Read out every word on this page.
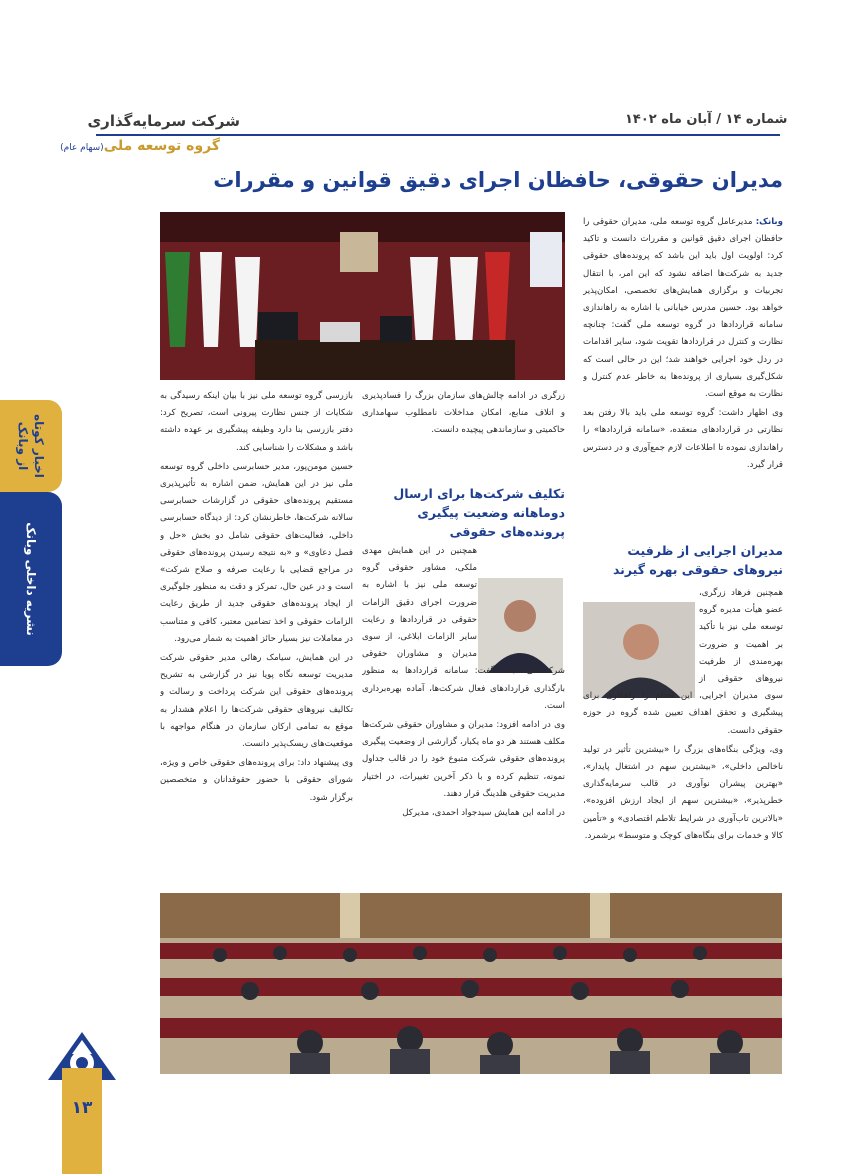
شرکت سرمایه‌گذاری	شماره ۱۴ / آبان ماه ۱۴۰۲
گروه توسعه ملی(سهام عام)
مدیران حقوقی، حافظان اجرای دقیق قوانین و مقررات
اخبار کوتاه
از وبانک
نشریه داخلی وبانک
۱۳

وبانک: مدیرعامل گروه توسعه ملی، مدیران حقوقی را حافظان اجرای دقیق قوانین و مقررات دانست و تاکید کرد: اولویت اول باید این باشد که پرونده‌های حقوقی جدید به شرکت‌ها اضافه نشود که این امر، با انتقال تجربیات و برگزاری همایش‌های تخصصی، امکان‌پذیر خواهد بود. حسین مدرس خیابانی با اشاره به راهاندازی سامانه قراردادها در گروه توسعه ملی گفت: چنانچه نظارت و کنترل در قراردادها تقویت شود، سایر اقدامات در ردل خود اجرایی خواهند شد؛ این در حالی است که شکل‌گیری بسیاری از پرونده‌ها به خاطر عدم کنترل و نظارت به موقع است.

وی اظهار داشت: گروه توسعه ملی باید بالا رفتن بعد نظارتی در قراردادهای منعقده، «سامانه قراردادها» را راهاندازی نموده تا اطلاعات لازم جمع‌آوری و در دسترس قرار گیرد.

مدیران اجرایی از ظرفیت نیروهای حقوقی بهره گیرند

همچنین فرهاد زرگری، عضو هیأت مدیره گروه توسعه ملی نیز با تأکید بر اهمیت و ضرورت بهره‌مندی از ظرفیت نیروهای حقوقی از سوی مدیران اجرایی، این اقدام را راهکاری برای پیشگیری و تحقق اهداف تعیین شده گروه در حوزه حقوقی دانست.

وی، ویژگی بنگاه‌های بزرگ را «بیشترین تأثیر در تولید ناخالص داخلی»، «بیشترین سهم در اشتغال پایدار»، «بهترین پیشران نوآوری در قالب سرمایه‌گذاری خطرپذیر»، «بیشترین سهم از ایجاد ارزش افزوده»، «بالاترین تاب‌آوری در شرایط تلاطم اقتصادی» و «تأمین کالا و خدمات برای بنگاه‌های کوچک و متوسط» برشمرد.

زرگری در ادامه چالش‌های سازمان بزرگ را فسادپذیری و اتلاف منابع، امکان مداخلات نامطلوب سهامداری حاکمیتی و سازماندهی پیچیده دانست.

تکلیف شرکت‌ها برای ارسال دوماهانه وضعیت پیگیری پرونده‌های حقوقی

همچنین در این همایش مهدی ملکی، مشاور حقوقی گروه توسعه ملی نیز با اشاره به ضرورت اجرای دقیق الزامات حقوقی در قراردادها و رعایت سایر الزامات ابلاغی، از سوی مدیران و مشاوران حقوقی شرکت‌های تابعه، گفت: سامانه قراردادها به منظور بارگذاری قراردادهای فعال شرکت‌ها، آماده بهره‌برداری است.

وی در ادامه افزود: مدیران و مشاوران حقوقی شرکت‌ها مکلف هستند هر دو ماه یکبار، گزارشی از وضعیت پیگیری پرونده‌های حقوقی شرکت متبوع خود را در قالب جداول نمونه، تنظیم کرده و با ذکر آخرین تغییرات، در اختیار مدیریت حقوقی هلدینگ قرار دهند.

در ادامه این همایش سیدجواد احمدی، مدیرکل

بازرسی گروه توسعه ملی نیز با بیان اینکه رسیدگی به شکایات از جنس نظارت پیرونی است، تصریح کرد: دفتر بازرسی بنا دارد وظیفه پیشگیری بر عهده داشته باشد و مشکلات را شناسایی کند.

حسین مومن‌پور، مدیر حسابرسی داخلی گروه توسعه ملی نیز در این همایش، ضمن اشاره به تأثیرپذیری مستقیم پرونده‌های حقوقی در گزارشات حسابرسی سالانه شرکت‌ها، خاطرنشان کرد: از دیدگاه حسابرسی داخلی، فعالیت‌های حقوقی شامل دو بخش «حل و فصل دعاوی» و «به نتیجه رسیدن پرونده‌های حقوقی در مراجع قضایی با رعایت صرفه و صلاح شرکت» است و در عین حال، تمرکز و دقت به منظور جلوگیری از ایجاد پرونده‌های حقوقی جدید از طریق رعایت الزامات حقوقی و اخذ تضامین معتبر، کافی و متناسب در معاملات نیز بسیار حائز اهمیت به شمار می‌رود.

در این همایش، سیامک رهائی مدیر حقوقی شرکت مدیریت توسعه نگاه پویا نیز در گزارشی به تشریح پرونده‌های حقوقی این شرکت پرداخت و رسالت و تکالیف نیروهای حقوقی شرکت‌ها را اعلام هشدار به موقع به تمامی ارکان سازمان در هنگام مواجهه با موقعیت‌های ریسک‌پذیر دانست.

وی پیشنهاد داد: برای پرونده‌های حقوقی خاص و ویژه، شورای حقوقی با حضور حقوقدانان و متخصصین برگزار شود.
